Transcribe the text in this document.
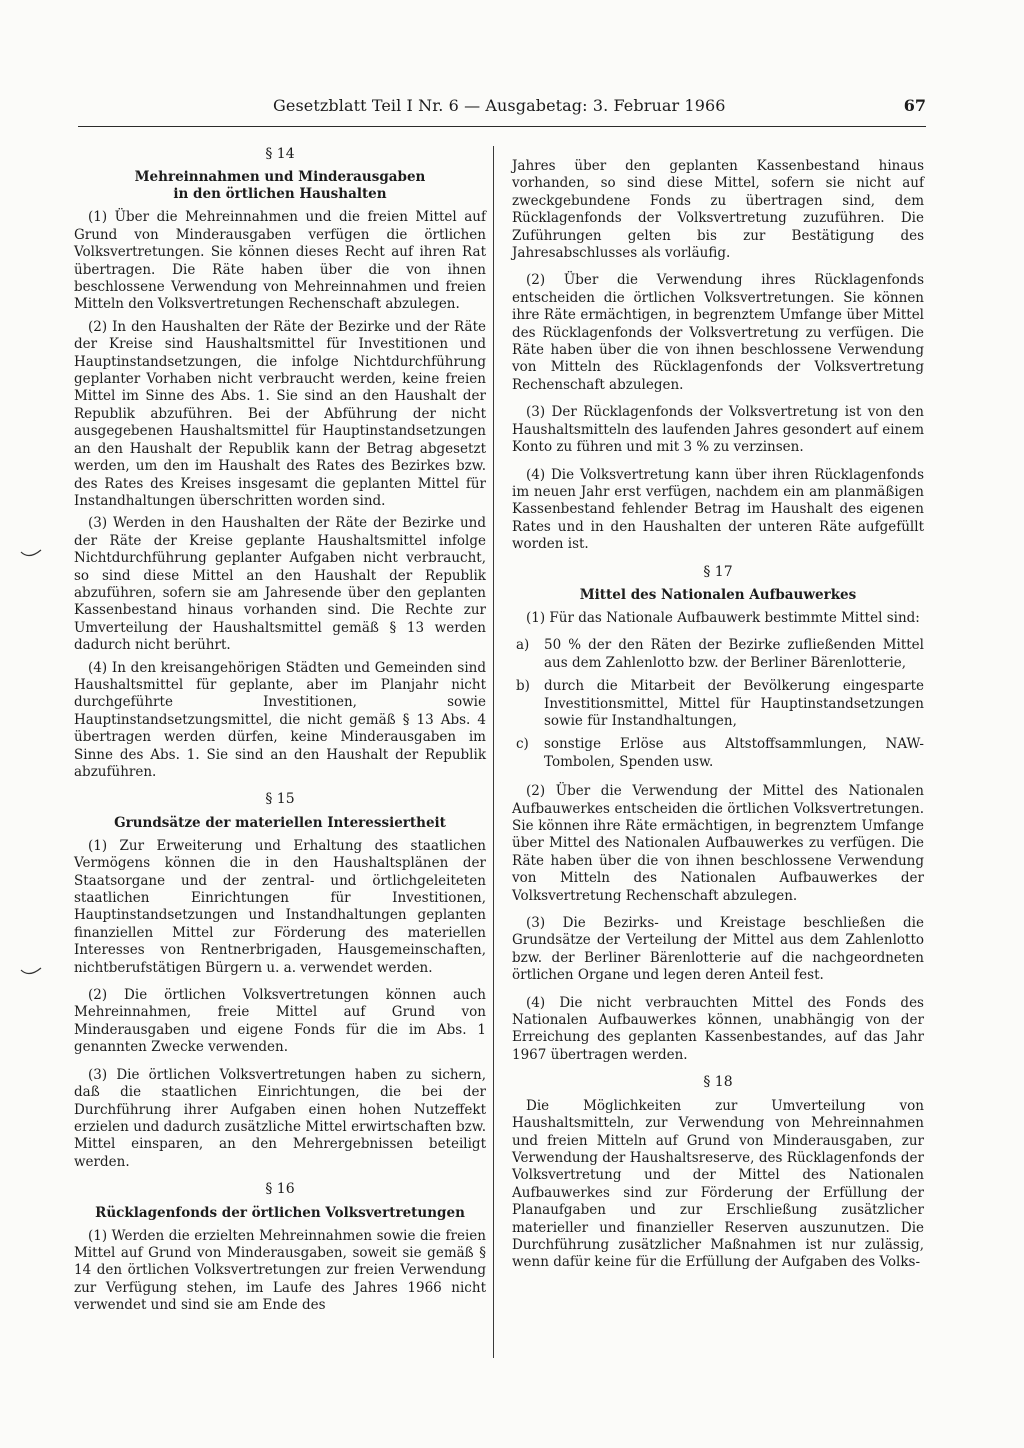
Gesetzblatt Teil I Nr. 6 — Ausgabetag: 3. Februar 1966	67
§ 14
Mehreinnahmen und Minderausgaben
in den örtlichen Haushalten

(1) Über die Mehreinnahmen und die freien Mittel auf Grund von Minderausgaben verfügen die örtlichen Volksvertretungen. Sie können dieses Recht auf ihren Rat übertragen. Die Räte haben über die von ihnen beschlossene Verwendung von Mehreinnahmen und freien Mitteln den Volksvertretungen Rechenschaft abzulegen.

(2) In den Haushalten der Räte der Bezirke und der Räte der Kreise sind Haushaltsmittel für Investitionen und Hauptinstandsetzungen, die infolge Nichtdurchführung geplanter Vorhaben nicht verbraucht werden, keine freien Mittel im Sinne des Abs. 1. Sie sind an den Haushalt der Republik abzuführen. Bei der Abführung der nicht ausgegebenen Haushaltsmittel für Hauptinstandsetzungen an den Haushalt der Republik kann der Betrag abgesetzt werden, um den im Haushalt des Rates des Bezirkes bzw. des Rates des Kreises insgesamt die geplanten Mittel für Instandhaltungen überschritten worden sind.

(3) Werden in den Haushalten der Räte der Bezirke und der Räte der Kreise geplante Haushaltsmittel infolge Nichtdurchführung geplanter Aufgaben nicht verbraucht, so sind diese Mittel an den Haushalt der Republik abzuführen, sofern sie am Jahresende über den geplanten Kassenbestand hinaus vorhanden sind. Die Rechte zur Umverteilung der Haushaltsmittel gemäß § 13 werden dadurch nicht berührt.

(4) In den kreisangehörigen Städten und Gemeinden sind Haushaltsmittel für geplante, aber im Planjahr nicht durchgeführte Investitionen, sowie Hauptinstandsetzungsmittel, die nicht gemäß § 13 Abs. 4 übertragen werden dürfen, keine Minderausgaben im Sinne des Abs. 1. Sie sind an den Haushalt der Republik abzuführen.

§ 15
Grundsätze der materiellen Interessiertheit

(1) Zur Erweiterung und Erhaltung des staatlichen Vermögens können die in den Haushaltsplänen der Staatsorgane und der zentral- und örtlichgeleiteten staatlichen Einrichtungen für Investitionen, Hauptinstandsetzungen und Instandhaltungen geplanten finanziellen Mittel zur Förderung des materiellen Interesses von Rentnerbrigaden, Hausgemeinschaften, nichtberufstätigen Bürgern u. a. verwendet werden.

(2) Die örtlichen Volksvertretungen können auch Mehreinnahmen, freie Mittel auf Grund von Minderausgaben und eigene Fonds für die im Abs. 1 genannten Zwecke verwenden.

(3) Die örtlichen Volksvertretungen haben zu sichern, daß die staatlichen Einrichtungen, die bei der Durchführung ihrer Aufgaben einen hohen Nutzeffekt erzielen und dadurch zusätzliche Mittel erwirtschaften bzw. Mittel einsparen, an den Mehrergebnissen beteiligt werden.

§ 16
Rücklagenfonds der örtlichen Volksvertretungen

(1) Werden die erzielten Mehreinnahmen sowie die freien Mittel auf Grund von Minderausgaben, soweit sie gemäß § 14 den örtlichen Volksvertretungen zur freien Verwendung zur Verfügung stehen, im Laufe des Jahres 1966 nicht verwendet und sind sie am Ende des

Jahres über den geplanten Kassenbestand hinaus vorhanden, so sind diese Mittel, sofern sie nicht auf zweckgebundene Fonds zu übertragen sind, dem Rücklagenfonds der Volksvertretung zuzuführen. Die Zuführungen gelten bis zur Bestätigung des Jahresabschlusses als vorläufig.

(2) Über die Verwendung ihres Rücklagenfonds entscheiden die örtlichen Volksvertretungen. Sie können ihre Räte ermächtigen, in begrenztem Umfange über Mittel des Rücklagenfonds der Volksvertretung zu verfügen. Die Räte haben über die von ihnen beschlossene Verwendung von Mitteln des Rücklagenfonds der Volksvertretung Rechenschaft abzulegen.

(3) Der Rücklagenfonds der Volksvertretung ist von den Haushaltsmitteln des laufenden Jahres gesondert auf einem Konto zu führen und mit 3 % zu verzinsen.

(4) Die Volksvertretung kann über ihren Rücklagenfonds im neuen Jahr erst verfügen, nachdem ein am planmäßigen Kassenbestand fehlender Betrag im Haushalt des eigenen Rates und in den Haushalten der unteren Räte aufgefüllt worden ist.

§ 17
Mittel des Nationalen Aufbauwerkes

(1) Für das Nationale Aufbauwerk bestimmte Mittel sind:

a)	50 % der den Räten der Bezirke zufließenden Mittel aus dem Zahlenlotto bzw. der Berliner Bärenlotterie,
b)	durch die Mitarbeit der Bevölkerung eingesparte Investitionsmittel, Mittel für Hauptinstandsetzungen sowie für Instandhaltungen,
c)	sonstige Erlöse aus Altstoffsammlungen, NAW-Tombolen, Spenden usw.

(2) Über die Verwendung der Mittel des Nationalen Aufbauwerkes entscheiden die örtlichen Volksvertretungen. Sie können ihre Räte ermächtigen, in begrenztem Umfange über Mittel des Nationalen Aufbauwerkes zu verfügen. Die Räte haben über die von ihnen beschlossene Verwendung von Mitteln des Nationalen Aufbauwerkes der Volksvertretung Rechenschaft abzulegen.

(3) Die Bezirks- und Kreistage beschließen die Grundsätze der Verteilung der Mittel aus dem Zahlenlotto bzw. der Berliner Bärenlotterie auf die nachgeordneten örtlichen Organe und legen deren Anteil fest.

(4) Die nicht verbrauchten Mittel des Fonds des Nationalen Aufbauwerkes können, unabhängig von der Erreichung des geplanten Kassenbestandes, auf das Jahr 1967 übertragen werden.

§ 18

Die Möglichkeiten zur Umverteilung von Haushaltsmitteln, zur Verwendung von Mehreinnahmen und freien Mitteln auf Grund von Minderausgaben, zur Verwendung der Haushaltsreserve, des Rücklagenfonds der Volksvertretung und der Mittel des Nationalen Aufbauwerkes sind zur Förderung der Erfüllung der Planaufgaben und zur Erschließung zusätzlicher materieller und finanzieller Reserven auszunutzen. Die Durchführung zusätzlicher Maßnahmen ist nur zulässig, wenn dafür keine für die Erfüllung der Aufgaben des Volks-
